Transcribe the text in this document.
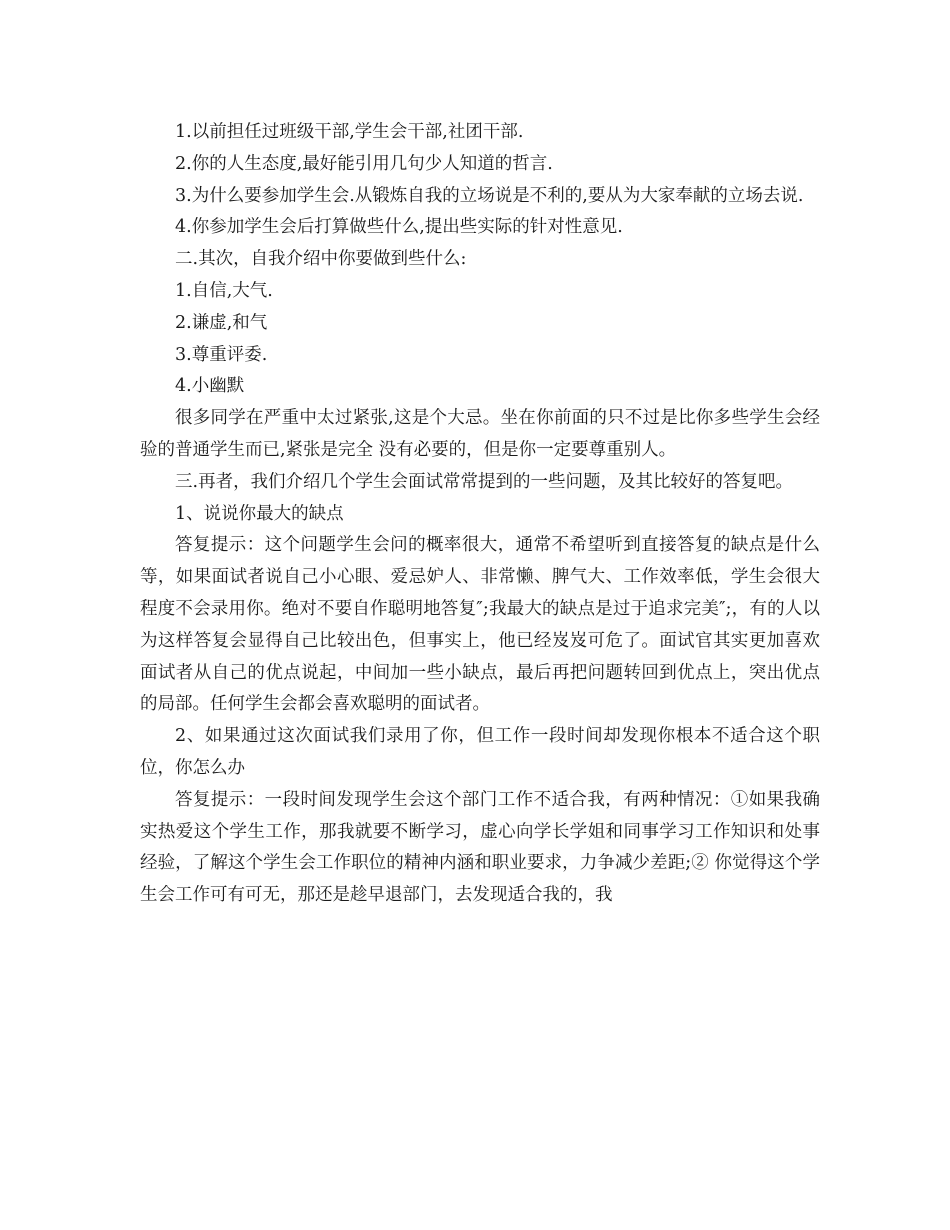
1.以前担任过班级干部,学生会干部,社团干部.

2.你的人生态度,最好能引用几句少人知道的哲言.

3.为什么要参加学生会.从锻炼自我的立场说是不利的,要从为大家奉献的立场去说.

4.你参加学生会后打算做些什么,提出些实际的针对性意见.

二.其次，自我介绍中你要做到些什么:

1.自信,大气.

2.谦虚,和气

3.尊重评委.

4.小幽默

很多同学在严重中太过紧张,这是个大忌。坐在你前面的只不过是比你多些学生会经验的普通学生而已,紧张是完全 没有必要的，但是你一定要尊重别人。

三.再者，我们介绍几个学生会面试常常提到的一些问题，及其比较好的答复吧。

1、说说你最大的缺点

答复提示：这个问题学生会问的概率很大，通常不希望听到直接答复的缺点是什么等，如果面试者说自己小心眼、爱忌妒人、非常懒、脾气大、工作效率低，学生会很大程度不会录用你。绝对不要自作聪明地答复″;我最大的缺点是过于追求完美″;，有的人以为这样答复会显得自己比较出色，但事实上，他已经岌岌可危了。面试官其实更加喜欢面试者从自己的优点说起，中间加一些小缺点，最后再把问题转回到优点上，突出优点的局部。任何学生会都会喜欢聪明的面试者。

2、如果通过这次面试我们录用了你，但工作一段时间却发现你根本不适合这个职位，你怎么办

答复提示：一段时间发现学生会这个部门工作不适合我，有两种情况：①如果我确实热爱这个学生工作，那我就要不断学习，虚心向学长学姐和同事学习工作知识和处事经验，了解这个学生会工作职位的精神内涵和职业要求，力争减少差距;② 你觉得这个学生会工作可有可无，那还是趁早退部门，去发现适合我的，我
